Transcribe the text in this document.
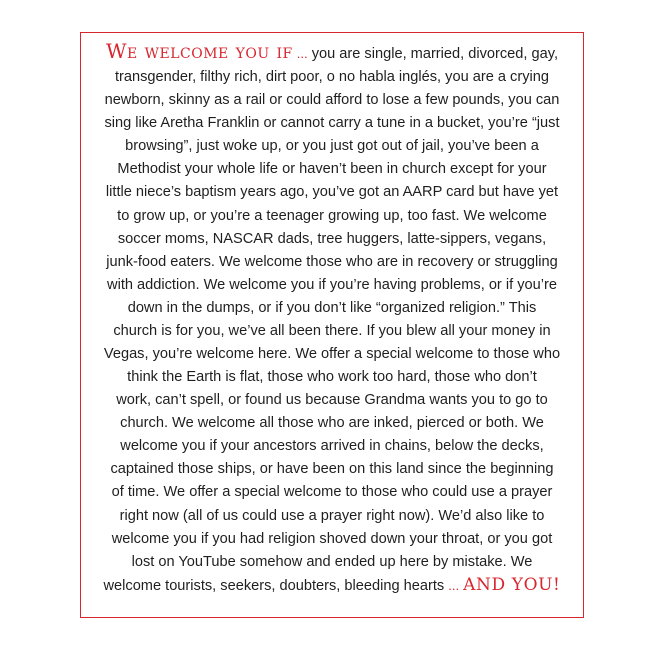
We welcome you if ... you are single, married, divorced, gay,
transgender, filthy rich, dirt poor, o no habla inglés, you are a crying
newborn, skinny as a rail or could afford to lose a few pounds, you can
sing like Aretha Franklin or cannot carry a tune in a bucket, you’re “just
browsing”, just woke up, or you just got out of jail, you’ve been a
Methodist your whole life or haven’t been in church except for your
little niece’s baptism years ago, you’ve got an AARP card but have yet
to grow up, or you’re a teenager growing up, too fast. We welcome
soccer moms, NASCAR dads, tree huggers, latte-sippers, vegans,
junk-food eaters. We welcome those who are in recovery or struggling
with addiction. We welcome you if you’re having problems, or if you’re
down in the dumps, or if you don’t like “organized religion.” This
church is for you, we’ve all been there. If you blew all your money in
Vegas, you’re welcome here. We offer a special welcome to those who
think the Earth is flat, those who work too hard, those who don’t
work, can’t spell, or found us because Grandma wants you to go to
church. We welcome all those who are inked, pierced or both. We
welcome you if your ancestors arrived in chains, below the decks,
captained those ships, or have been on this land since the beginning
of time. We offer a special welcome to those who could use a prayer
right now (all of us could use a prayer right now). We’d also like to
welcome you if you had religion shoved down your throat, or you got
lost on YouTube somehow and ended up here by mistake. We
welcome tourists, seekers, doubters, bleeding hearts ... AND YOU!
